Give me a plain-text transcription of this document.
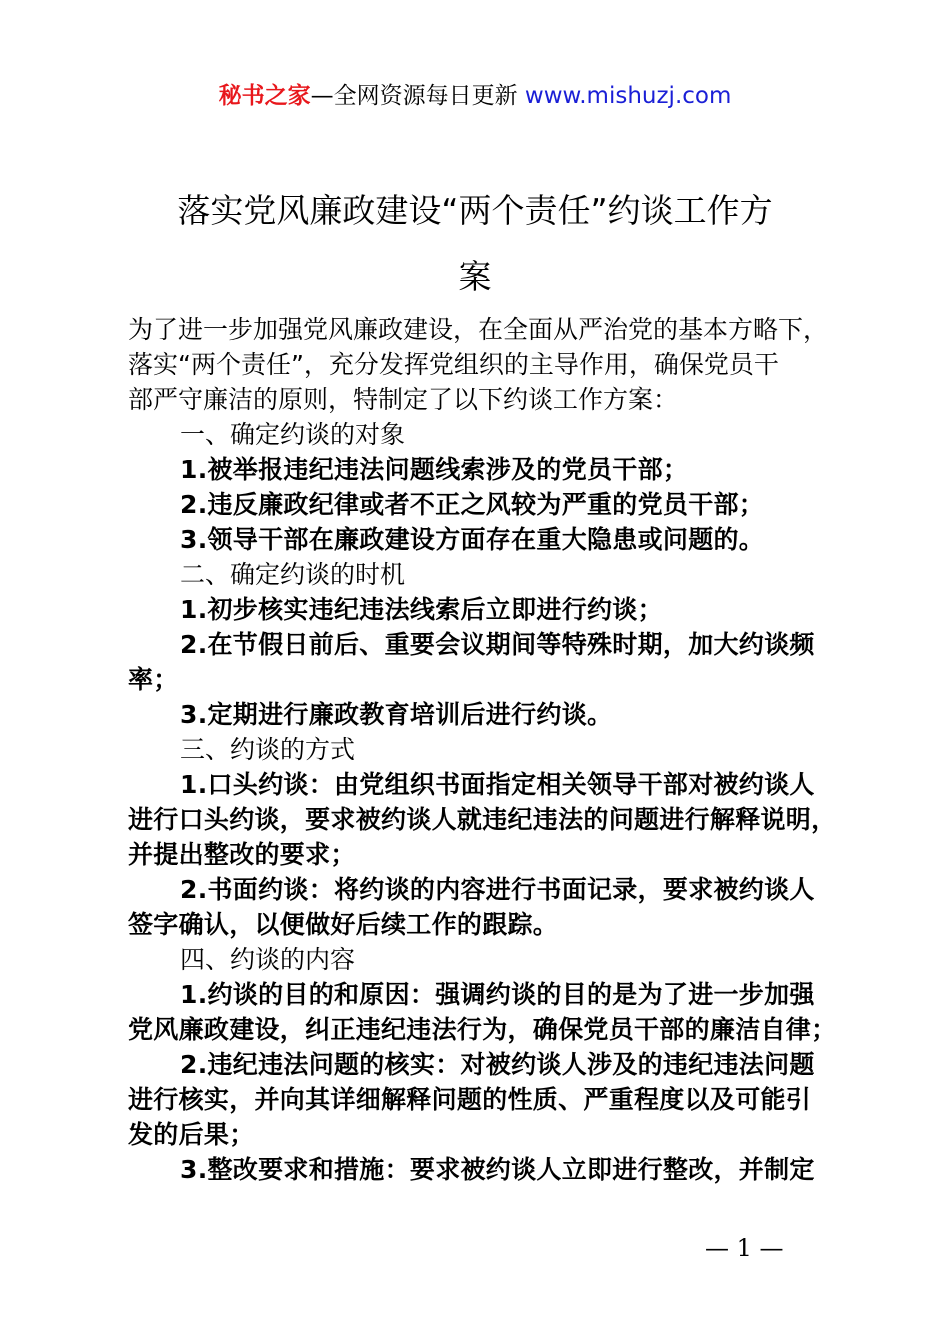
秘书之家—全网资源每日更新 www.mishuzj.com
落实党风廉政建设“两个责任”约谈工作方
案

为了进一步加强党风廉政建设，在全面从严治党的基本方略下，

落实“两个责任”，充分发挥党组织的主导作用，确保党员干

部严守廉洁的原则，特制定了以下约谈工作方案：

一、确定约谈的对象

1.被举报违纪违法问题线索涉及的党员干部；

2.违反廉政纪律或者不正之风较为严重的党员干部；

3.领导干部在廉政建设方面存在重大隐患或问题的。

二、确定约谈的时机

1.初步核实违纪违法线索后立即进行约谈；

2.在节假日前后、重要会议期间等特殊时期，加大约谈频

率；

3.定期进行廉政教育培训后进行约谈。

三、约谈的方式

1.口头约谈：由党组织书面指定相关领导干部对被约谈人

进行口头约谈，要求被约谈人就违纪违法的问题进行解释说明，

并提出整改的要求；

2.书面约谈：将约谈的内容进行书面记录，要求被约谈人

签字确认，以便做好后续工作的跟踪。

四、约谈的内容

1.约谈的目的和原因：强调约谈的目的是为了进一步加强

党风廉政建设，纠正违纪违法行为，确保党员干部的廉洁自律；

2.违纪违法问题的核实：对被约谈人涉及的违纪违法问题

进行核实，并向其详细解释问题的性质、严重程度以及可能引

发的后果；

3.整改要求和措施：要求被约谈人立即进行整改，并制定

— 1 —
